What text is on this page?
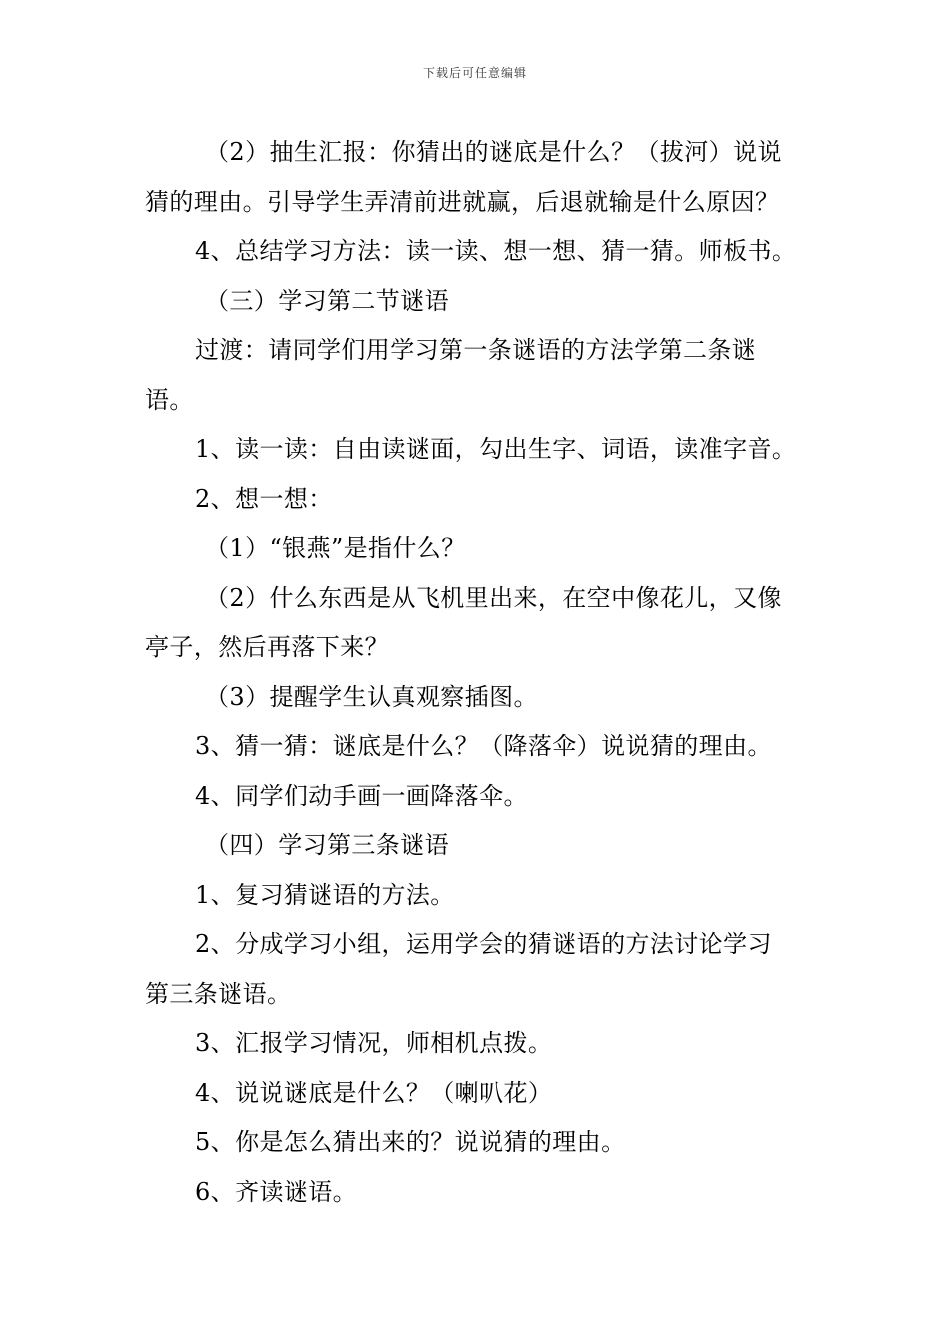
下载后可任意编辑

（2）抽生汇报：你猜出的谜底是什么？（拔河）说说

猜的理由。引导学生弄清前进就赢，后退就输是什么原因？

4、总结学习方法：读一读、想一想、猜一猜。师板书。

（三）学习第二节谜语

过渡：请同学们用学习第一条谜语的方法学第二条谜

语。

1、读一读：自由读谜面，勾出生字、词语，读准字音。

2、想一想：

（1）“银燕”是指什么？

（2）什么东西是从飞机里出来，在空中像花儿，又像

亭子，然后再落下来？

（3）提醒学生认真观察插图。

3、猜一猜：谜底是什么？（降落伞）说说猜的理由。

4、同学们动手画一画降落伞。

（四）学习第三条谜语

1、复习猜谜语的方法。

2、分成学习小组，运用学会的猜谜语的方法讨论学习

第三条谜语。

3、汇报学习情况，师相机点拨。

4、说说谜底是什么？（喇叭花）

5、你是怎么猜出来的？说说猜的理由。

6、齐读谜语。
